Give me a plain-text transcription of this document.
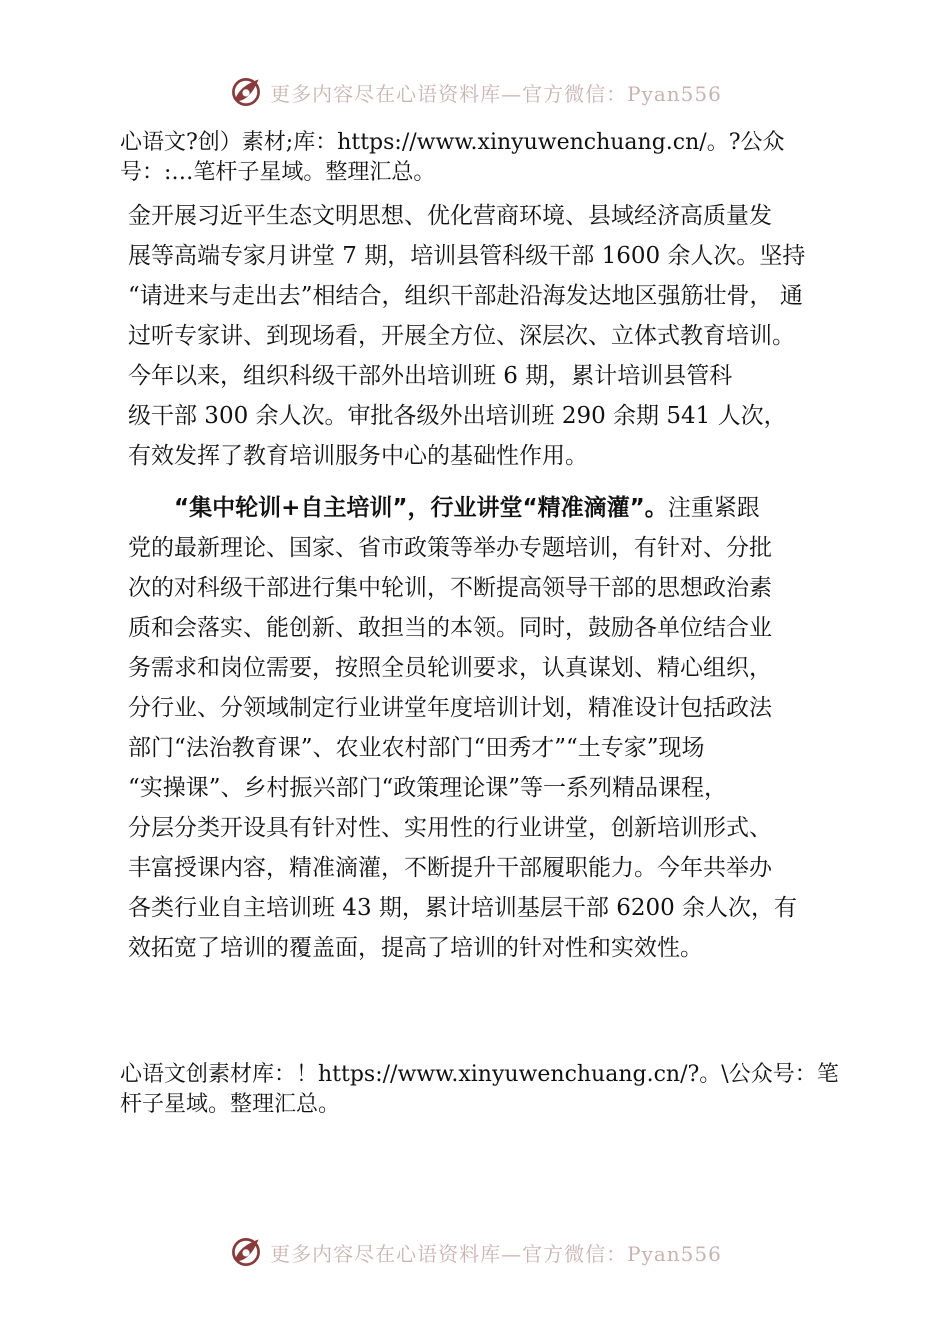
更多内容尽在心语资料库—官方微信：Pyan556

心语文?创）素材;库：https://www.xinyuwenchuang.cn/。?公众号：:…笔杆子星域。整理汇总。

金开展习近平生态文明思想、优化营商环境、县域经济高质量发
展等高端专家月讲堂 7 期，培训县管科级干部 1600 余人次。坚持
“请进来与走出去”相结合，组织干部赴沿海发达地区强筋壮骨， 通
过听专家讲、到现场看，开展全方位、深层次、立体式教育培训。
今年以来，组织科级干部外出培训班 6 期，累计培训县管科
级干部 300 余人次。审批各级外出培训班 290 余期 541 人次，
有效发挥了教育培训服务中心的基础性作用。
“集中轮训+自主培训”，行业讲堂“精准滴灌”。注重紧跟
党的最新理论、国家、省市政策等举办专题培训，有针对、分批
次的对科级干部进行集中轮训，不断提高领导干部的思想政治素
质和会落实、能创新、敢担当的本领。同时，鼓励各单位结合业
务需求和岗位需要，按照全员轮训要求，认真谋划、精心组织，
分行业、分领域制定行业讲堂年度培训计划，精准设计包括政法
部门“法治教育课”、农业农村部门“田秀才”“土专家”现场
“实操课”、乡村振兴部门“政策理论课”等一系列精品课程，
分层分类开设具有针对性、实用性的行业讲堂，创新培训形式、
丰富授课内容，精准滴灌，不断提升干部履职能力。今年共举办
各类行业自主培训班 43 期，累计培训基层干部 6200 余人次，有
效拓宽了培训的覆盖面，提高了培训的针对性和实效性。

心语文创素材库：！https://www.xinyuwenchuang.cn/?。\公众号：笔杆子星域。整理汇总。

更多内容尽在心语资料库—官方微信：Pyan556
